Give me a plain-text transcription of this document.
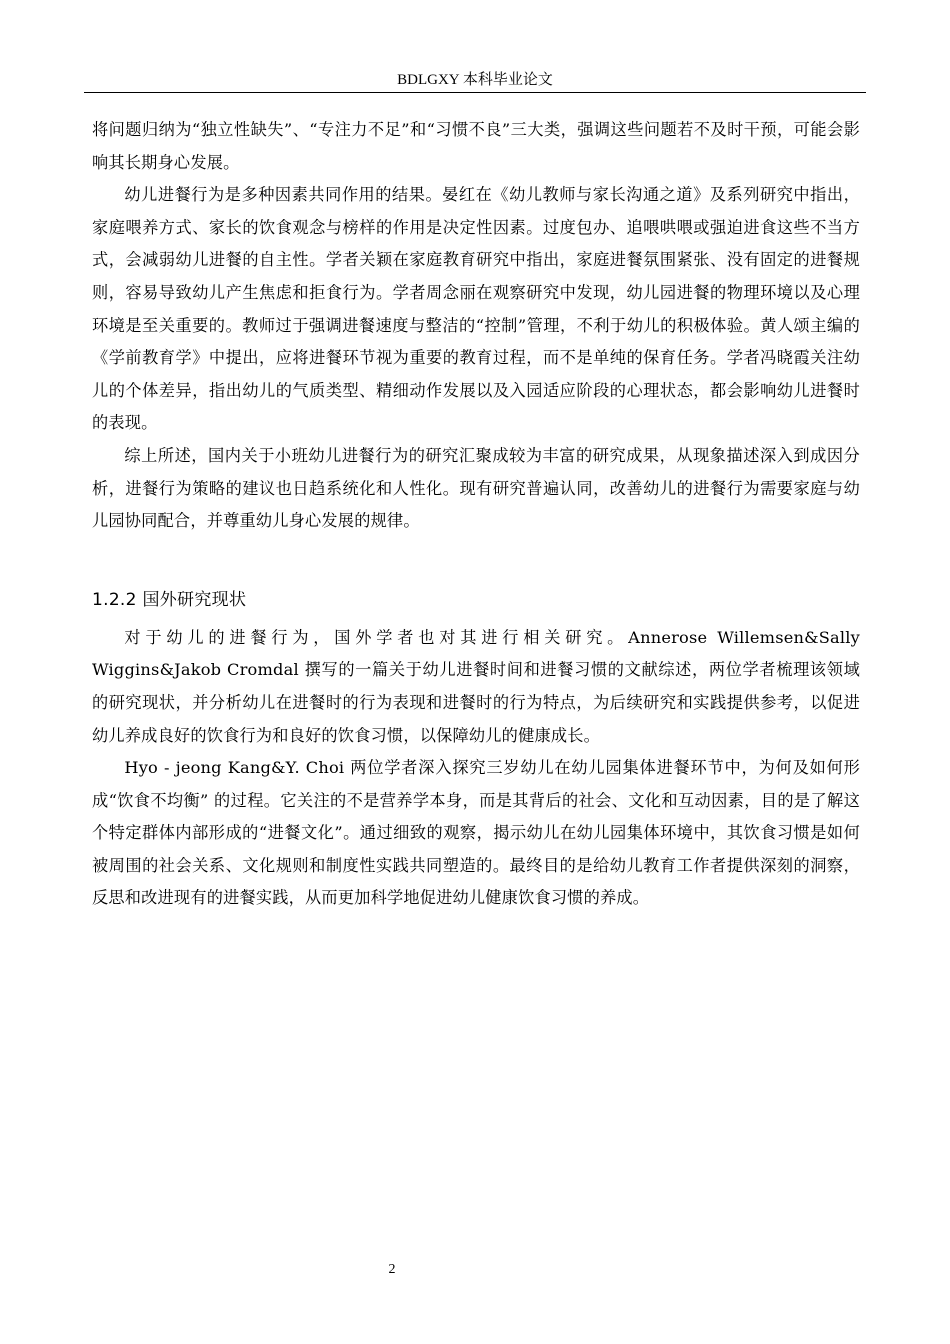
BDLGXY 本科毕业论文

将问题归纳为“独立性缺失”、“专注力不足”和“习惯不良”三大类，强调这些问题若不及时干预，可能会影响其长期身心发展。

幼儿进餐行为是多种因素共同作用的结果。晏红在《幼儿教师与家长沟通之道》及系列研究中指出，家庭喂养方式、家长的饮食观念与榜样的作用是决定性因素。过度包办、追喂哄喂或强迫进食这些不当方式，会减弱幼儿进餐的自主性。学者关颖在家庭教育研究中指出，家庭进餐氛围紧张、没有固定的进餐规则，容易导致幼儿产生焦虑和拒食行为。学者周念丽在观察研究中发现，幼儿园进餐的物理环境以及心理环境是至关重要的。教师过于强调进餐速度与整洁的“控制”管理，不利于幼儿的积极体验。黄人颂主编的《学前教育学》中提出，应将进餐环节视为重要的教育过程，而不是单纯的保育任务。学者冯晓霞关注幼儿的个体差异，指出幼儿的气质类型、精细动作发展以及入园适应阶段的心理状态，都会影响幼儿进餐时的表现。

综上所述，国内关于小班幼儿进餐行为的研究汇聚成较为丰富的研究成果，从现象描述深入到成因分析，进餐行为策略的建议也日趋系统化和人性化。现有研究普遍认同，改善幼儿的进餐行为需要家庭与幼儿园协同配合，并尊重幼儿身心发展的规律。

1.2.2 国外研究现状

对于幼儿的进餐行为，国外学者也对其进行相关研究。Annerose Willemsen&Sally Wiggins&Jakob Cromdal 撰写的一篇关于幼儿进餐时间和进餐习惯的文献综述，两位学者梳理该领域的研究现状，并分析幼儿在进餐时的行为表现和进餐时的行为特点，为后续研究和实践提供参考，以促进幼儿养成良好的饮食行为和良好的饮食习惯，以保障幼儿的健康成长。

Hyo - jeong Kang&Y. Choi 两位学者深入探究三岁幼儿在幼儿园集体进餐环节中，为何及如何形成“饮食不均衡” 的过程。它关注的不是营养学本身，而是其背后的社会、文化和互动因素，目的是了解这个特定群体内部形成的“进餐文化”。通过细致的观察，揭示幼儿在幼儿园集体环境中，其饮食习惯是如何被周围的社会关系、文化规则和制度性实践共同塑造的。最终目的是给幼儿教育工作者提供深刻的洞察，反思和改进现有的进餐实践，从而更加科学地促进幼儿健康饮食习惯的养成。

2
